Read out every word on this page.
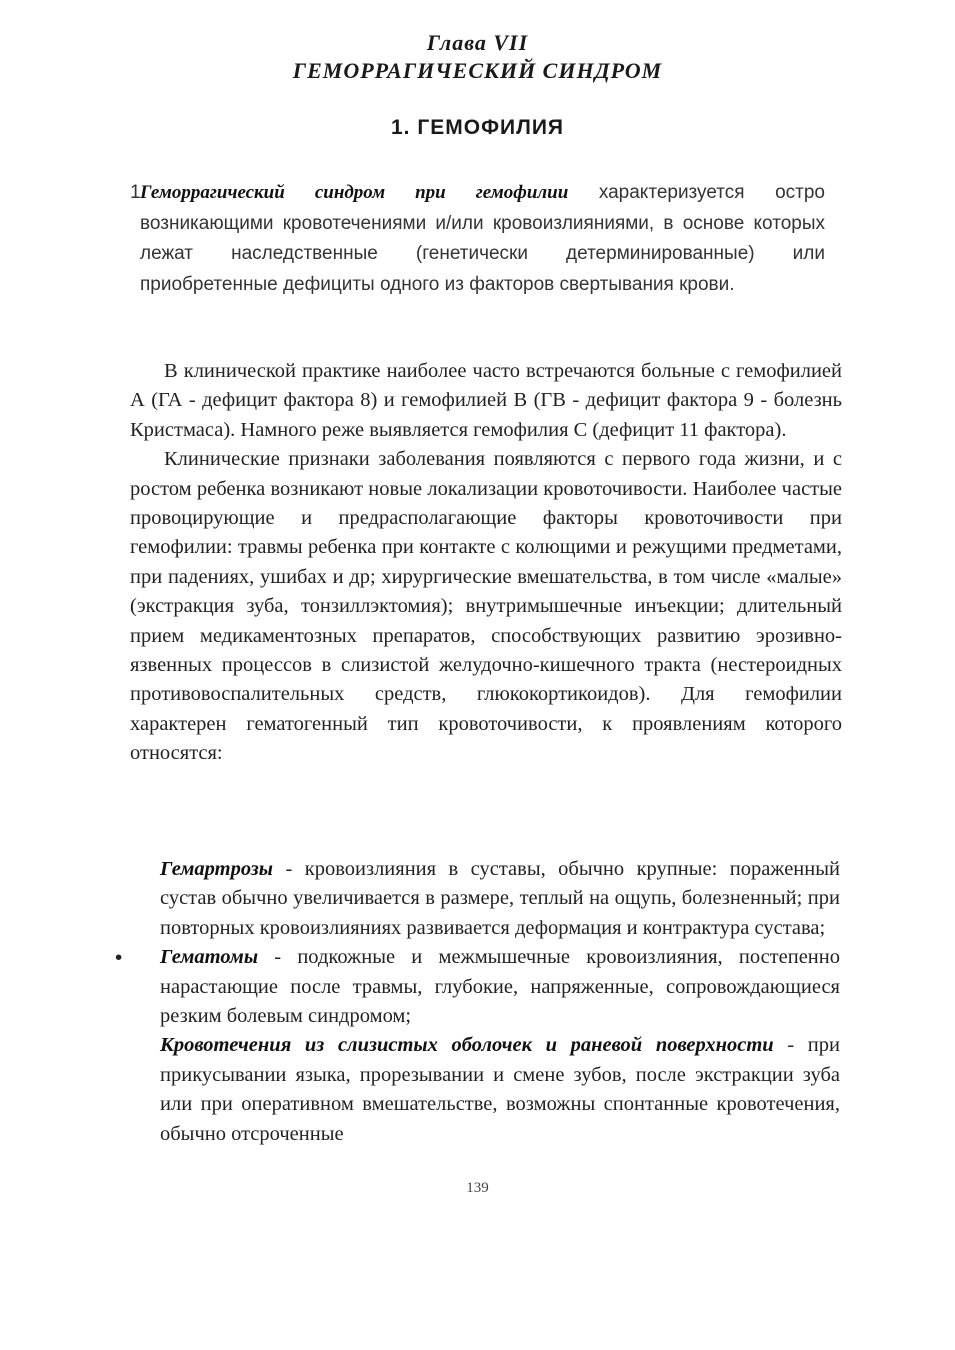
Глава VII
ГЕМОРРАГИЧЕСКИЙ СИНДРОМ
1. ГЕМОФИЛИЯ
1 Геморрагический синдром при гемофилии характеризуется остро возникающими кровотечениями и/или кровоизлияниями, в основе которых лежат наследственные (генетически детерминированные) или приобретенные дефициты одного из факторов свертывания крови.

В клинической практике наиболее часто встречаются больные с гемофилией А (ГА - дефицит фактора 8) и гемофилией В (ГВ - дефицит фактора 9 - болезнь Кристмаса). Намного реже выявляется гемофилия С (дефицит 11 фактора).

Клинические признаки заболевания появляются с первого года жизни, и с ростом ребенка возникают новые локализации кровоточивости. Наиболее частые провоцирующие и предрасполагающие факторы кровоточивости при гемофилии: травмы ребенка при контакте с колющими и режущими предметами, при падениях, ушибах и др; хирургические вмешательства, в том числе «малые» (экстракция зуба, тонзиллэктомия); внутримышечные инъекции; длительный прием медикаментозных препаратов, способствующих развитию эрозивно-язвенных процессов в слизистой желудочно-кишечного тракта (нестероидных противовоспалительных средств, глюкокортикоидов). Для гемофилии характерен гематогенный тип кровоточивости, к проявлениям которого относятся:

Гемартрозы - кровоизлияния в суставы, обычно крупные: пораженный сустав обычно увеличивается в размере, теплый на ощупь, болезненный; при повторных кровоизлияниях развивается деформация и контрактура сустава;

• Гематомы - подкожные и межмышечные кровоизлияния, постепенно нарастающие после травмы, глубокие, напряженные, сопровождающиеся резким болевым синдромом;

Кровотечения из слизистых оболочек и раневой поверхности - при прикусывании языка, прорезывании и смене зубов, после экстракции зуба или при оперативном вмешательстве, возможны спонтанные кровотечения, обычно отсроченные

139
